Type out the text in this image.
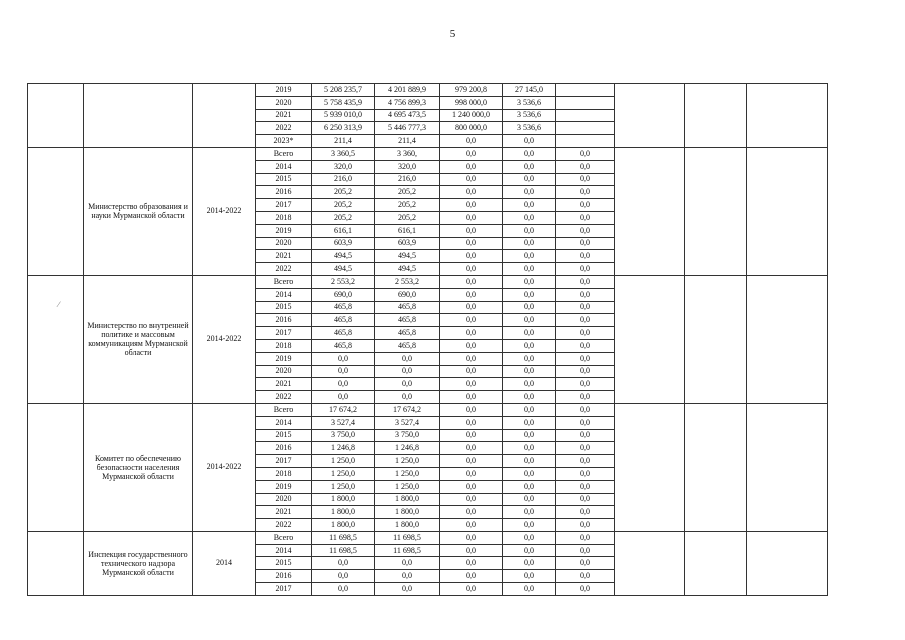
5
			2019	5 208 235,7	4 201 889,9	979 200,8	27 145,0				
			2020	5 758 435,9	4 756 899,3	998 000,0	3 536,6				
			2021	5 939 010,0	4 695 473,5	1 240 000,0	3 536,6				
			2022	6 250 313,9	5 446 777,3	800 000,0	3 536,6				
			2023*	211,4	211,4	0,0	0,0				
	Министерство образования и науки Мурманской области	2014-2022	Всего	3 360,5	3 360,	0,0	0,0	0,0			
			2014	320,0	320,0	0,0	0,0	0,0			
			2015	216,0	216,0	0,0	0,0	0,0			
			2016	205,2	205,2	0,0	0,0	0,0			
			2017	205,2	205,2	0,0	0,0	0,0			
			2018	205,2	205,2	0,0	0,0	0,0			
			2019	616,1	616,1	0,0	0,0	0,0			
			2020	603,9	603,9	0,0	0,0	0,0			
			2021	494,5	494,5	0,0	0,0	0,0			
			2022	494,5	494,5	0,0	0,0	0,0			
	Министерство по внутренней политике и массовым коммуникациям Мурманской области	2014-2022	Всего	2 553,2	2 553,2	0,0	0,0	0,0			
			2014	690,0	690,0	0,0	0,0	0,0			
			2015	465,8	465,8	0,0	0,0	0,0			
			2016	465,8	465,8	0,0	0,0	0,0			
			2017	465,8	465,8	0,0	0,0	0,0			
			2018	465,8	465,8	0,0	0,0	0,0			
			2019	0,0	0,0	0,0	0,0	0,0			
			2020	0,0	0,0	0,0	0,0	0,0			
			2021	0,0	0,0	0,0	0,0	0,0			
			2022	0,0	0,0	0,0	0,0	0,0			
	Комитет по обеспечению безопасности населения Мурманской области	2014-2022	Всего	17 674,2	17 674,2	0,0	0,0	0,0			
			2014	3 527,4	3 527,4	0,0	0,0	0,0			
			2015	3 750,0	3 750,0	0,0	0,0	0,0			
			2016	1 246,8	1 246,8	0,0	0,0	0,0			
			2017	1 250,0	1 250,0	0,0	0,0	0,0			
			2018	1 250,0	1 250,0	0,0	0,0	0,0			
			2019	1 250,0	1 250,0	0,0	0,0	0,0			
			2020	1 800,0	1 800,0	0,0	0,0	0,0			
			2021	1 800,0	1 800,0	0,0	0,0	0,0			
			2022	1 800,0	1 800,0	0,0	0,0	0,0			
	Инспекция государственного технического надзора Мурманской области	2014	Всего	11 698,5	11 698,5	0,0	0,0	0,0			
			2014	11 698,5	11 698,5	0,0	0,0	0,0			
			2015	0,0	0,0	0,0	0,0	0,0			
			2016	0,0	0,0	0,0	0,0	0,0			
			2017	0,0	0,0	0,0	0,0	0,0			
⁄
